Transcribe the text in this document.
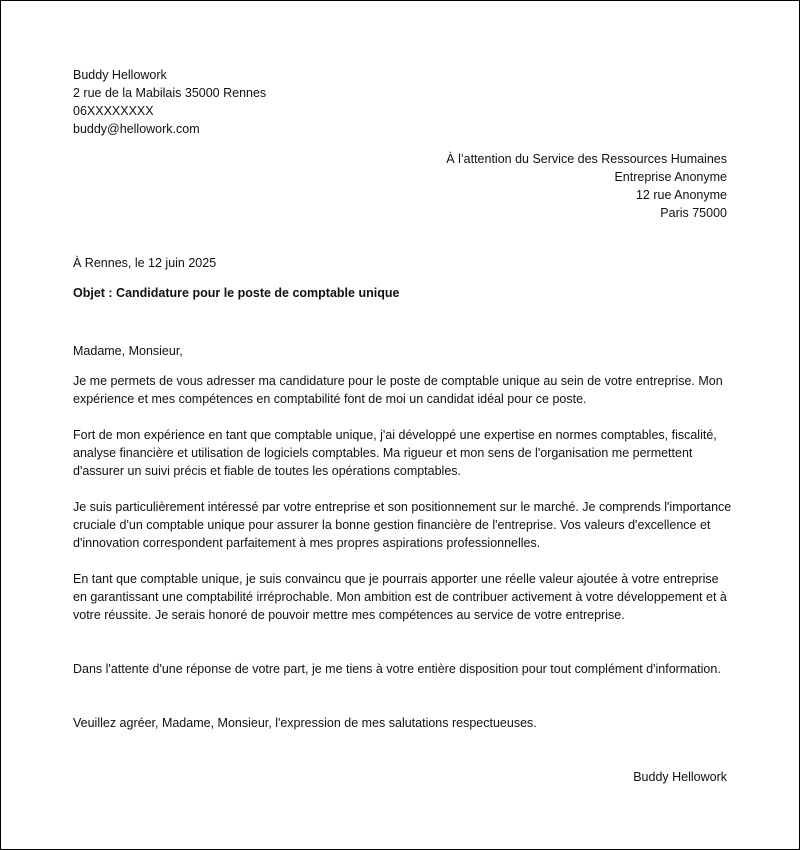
Buddy Hellowork
2 rue de la Mabilais 35000 Rennes
06XXXXXXXX
buddy@hellowork.com
À l’attention du Service des Ressources Humaines
Entreprise Anonyme
12 rue Anonyme
Paris 75000
À Rennes, le 12 juin 2025
Objet : Candidature pour le poste de comptable unique
Madame, Monsieur,
Je me permets de vous adresser ma candidature pour le poste de comptable unique au sein de votre entreprise. Mon expérience et mes compétences en comptabilité font de moi un candidat idéal pour ce poste.
Fort de mon expérience en tant que comptable unique, j'ai développé une expertise en normes comptables, fiscalité, analyse financière et utilisation de logiciels comptables. Ma rigueur et mon sens de l'organisation me permettent d'assurer un suivi précis et fiable de toutes les opérations comptables.
Je suis particulièrement intéressé par votre entreprise et son positionnement sur le marché. Je comprends l'importance cruciale d'un comptable unique pour assurer la bonne gestion financière de l'entreprise. Vos valeurs d'excellence et d'innovation correspondent parfaitement à mes propres aspirations professionnelles.
En tant que comptable unique, je suis convaincu que je pourrais apporter une réelle valeur ajoutée à votre entreprise en garantissant une comptabilité irréprochable. Mon ambition est de contribuer activement à votre développement et à votre réussite. Je serais honoré de pouvoir mettre mes compétences au service de votre entreprise.
Dans l'attente d'une réponse de votre part, je me tiens à votre entière disposition pour tout complément d'information.
Veuillez agréer, Madame, Monsieur, l'expression de mes salutations respectueuses.
Buddy Hellowork
